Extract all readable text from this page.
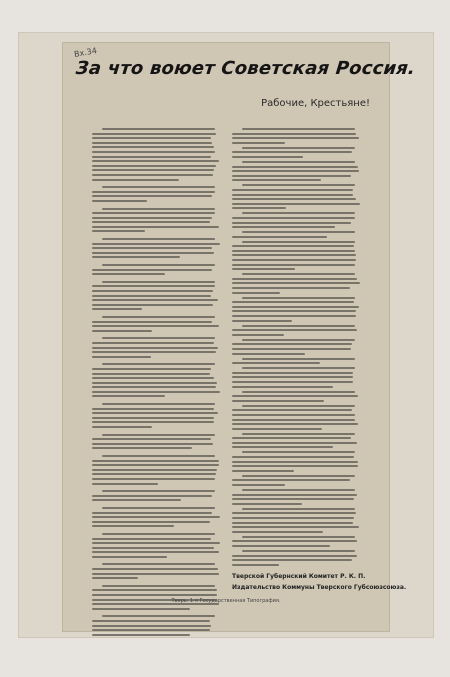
Вх.34
За что воюет Советская Россия.
Рабочие, Крестьяне!
Тверской Губернский Комитет Р. К. П.
Издательство Коммуны Тверского Губсоюзсоюза.
Тверь. 1-я Государственная Типография.
